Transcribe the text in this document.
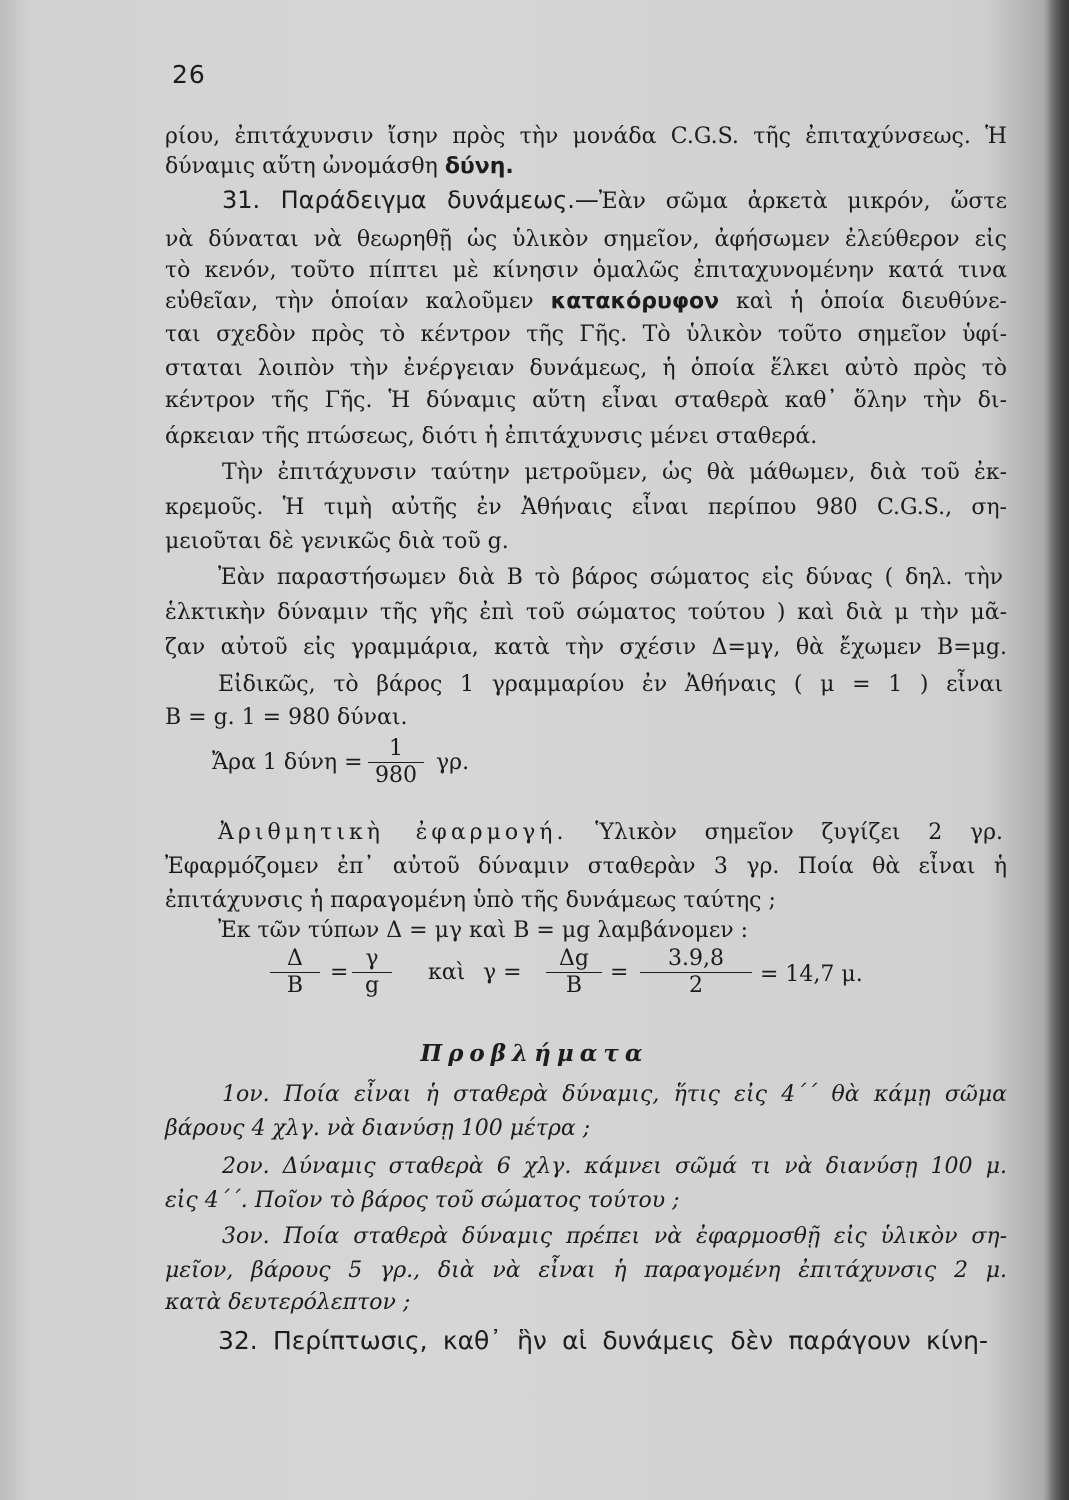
26
ρίου, ἐπιτάχυνσιν ἴσην πρὸς τὴν μονάδα C.G.S. τῆς ἐπιταχύνσεως. Ἡ
δύναμις αὕτη ὠνομάσθη δύνη.
31. Παράδειγμα δυνάμεως.—Ἐὰν σῶμα ἀρκετὰ μικρόν, ὥστε
νὰ δύναται νὰ θεωρηθῇ ὡς ὑλικὸν σημεῖον, ἀφήσωμεν ἐλεύθερον εἰς
τὸ κενόν, τοῦτο πίπτει μὲ κίνησιν ὁμαλῶς ἐπιταχυνομένην κατά τινα
εὐθεῖαν, τὴν ὁποίαν καλοῦμεν κατακόρυφον καὶ ἡ ὁποία διευθύνε-
ται σχεδὸν πρὸς τὸ κέντρον τῆς Γῆς. Τὸ ὑλικὸν τοῦτο σημεῖον ὑφί-
σταται λοιπὸν τὴν ἐνέργειαν δυνάμεως, ἡ ὁποία ἕλκει αὐτὸ πρὸς τὸ
κέντρον τῆς Γῆς. Ἡ δύναμις αὕτη εἶναι σταθερὰ καθ᾿ ὅλην τὴν δι-
άρκειαν τῆς πτώσεως, διότι ἡ ἐπιτάχυνσις μένει σταθερά.
Τὴν ἐπιτάχυνσιν ταύτην μετροῦμεν, ὡς θὰ μάθωμεν, διὰ τοῦ ἐκ-
κρεμοῦς. Ἡ τιμὴ αὐτῆς ἐν Ἀθήναις εἶναι περίπου 980 C.G.S., ση-
μειοῦται δὲ γενικῶς διὰ τοῦ g.
Ἐὰν παραστήσωμεν διὰ B τὸ βάρος σώματος εἰς δύνας ( δηλ. τὴν
ἑλκτικὴν δύναμιν τῆς γῆς ἐπὶ τοῦ σώματος τούτου ) καὶ διὰ μ τὴν μᾶ-
ζαν αὐτοῦ εἰς γραμμάρια, κατὰ τὴν σχέσιν Δ=μγ, θὰ ἔχωμεν B=μg.
Εἰδικῶς, τὸ βάρος 1 γραμμαρίου ἐν Ἀθήναις ( μ = 1 ) εἶναι
B = g. 1 = 980 δύναι.
Ἄρα 1 $\delta ύ\nu\eta = \frac{1}{980} \gamma\rho$.
Ἀριθμητικὴ ἐφαρμογή. Ὑλικὸν σημεῖον ζυγίζει 2 γρ.
Ἐφαρμόζομεν ἐπ᾿ αὐτοῦ δύναμιν σταθερὰν 3 γρ. Ποία θὰ εἶναι ἡ
ἐπιτάχυνσις ἡ παραγομένη ὑπὸ τῆς δυνάμεως ταύτης ;
Ἐκ τῶν τύπων Δ = μγ καὶ B = μg λαμβάνομεν :
$\frac{\Delta}{B} = \frac{\gamma}{g}$ καὶ $\gamma = \frac{\Delta g}{B} = \frac{3.9,8}{2} = 14,7$ μ.
Προβλήματα
1ον. Ποία εἶναι ἡ σταθερὰ δύναμις, ἥτις εἰς 4΄΄ θὰ κάμῃ σῶμα
βάρους 4 χλγ. νὰ διανύσῃ 100 μέτρα ;
2ον. Δύναμις σταθερὰ 6 χλγ. κάμνει σῶμά τι νὰ διανύσῃ 100 μ.
εἰς 4΄΄. Ποῖον τὸ βάρος τοῦ σώματος τούτου ;
3ον. Ποία σταθερὰ δύναμις πρέπει νὰ ἐφαρμοσθῇ εἰς ὑλικὸν ση-
μεῖον, βάρους 5 γρ., διὰ νὰ εἶναι ἡ παραγομένη ἐπιτάχυνσις 2 μ.
κατὰ δευτερόλεπτον ;
32. Περίπτωσις, καθ᾿ ἣν αἱ δυνάμεις δὲν παράγουν κίνη-
